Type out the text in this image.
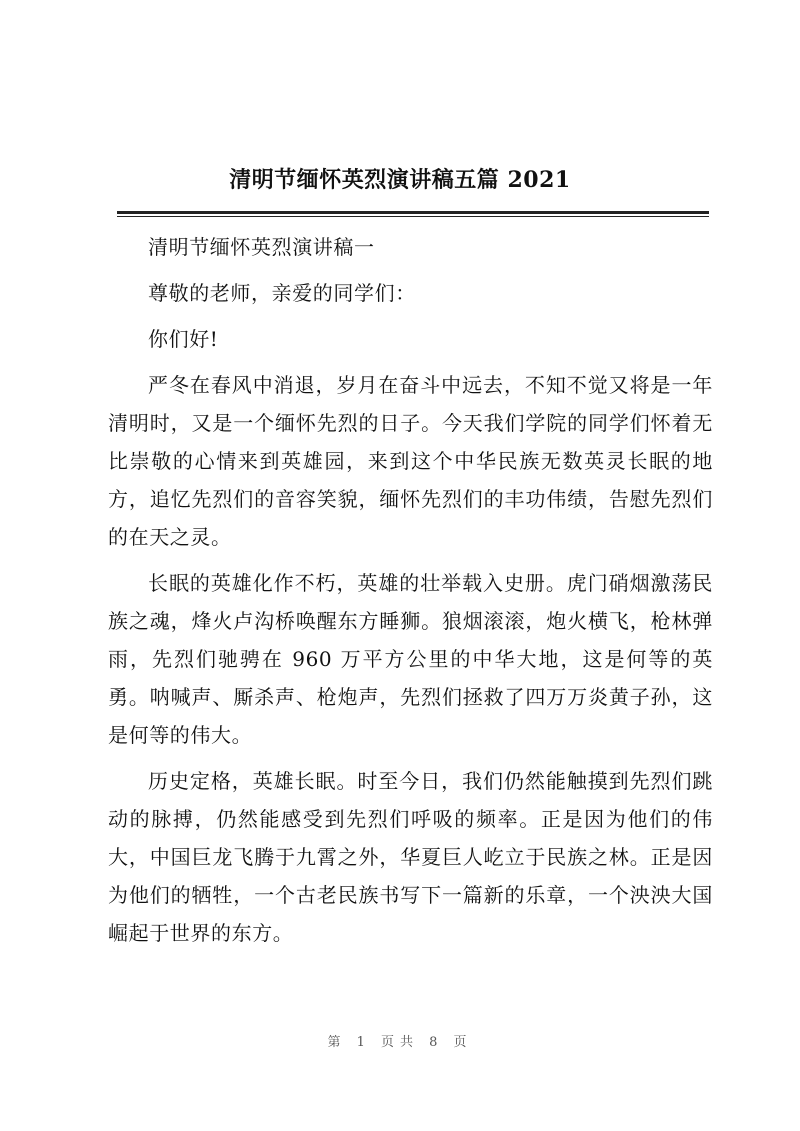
清明节缅怀英烈演讲稿五篇 2021

清明节缅怀英烈演讲稿一

尊敬的老师，亲爱的同学们：

你们好!

严冬在春风中消退，岁月在奋斗中远去，不知不觉又将是一年清明时，又是一个缅怀先烈的日子。今天我们学院的同学们怀着无比崇敬的心情来到英雄园，来到这个中华民族无数英灵长眠的地方，追忆先烈们的音容笑貌，缅怀先烈们的丰功伟绩，告慰先烈们的在天之灵。

长眠的英雄化作不朽，英雄的壮举载入史册。虎门硝烟激荡民族之魂，烽火卢沟桥唤醒东方睡狮。狼烟滚滚，炮火横飞，枪林弹雨，先烈们驰骋在 960 万平方公里的中华大地，这是何等的英勇。呐喊声、厮杀声、枪炮声，先烈们拯救了四万万炎黄子孙，这是何等的伟大。

历史定格，英雄长眠。时至今日，我们仍然能触摸到先烈们跳动的脉搏，仍然能感受到先烈们呼吸的频率。正是因为他们的伟大，中国巨龙飞腾于九霄之外，华夏巨人屹立于民族之林。正是因为他们的牺牲，一个古老民族书写下一篇新的乐章，一个泱泱大国崛起于世界的东方。

第 1 页共 8 页
